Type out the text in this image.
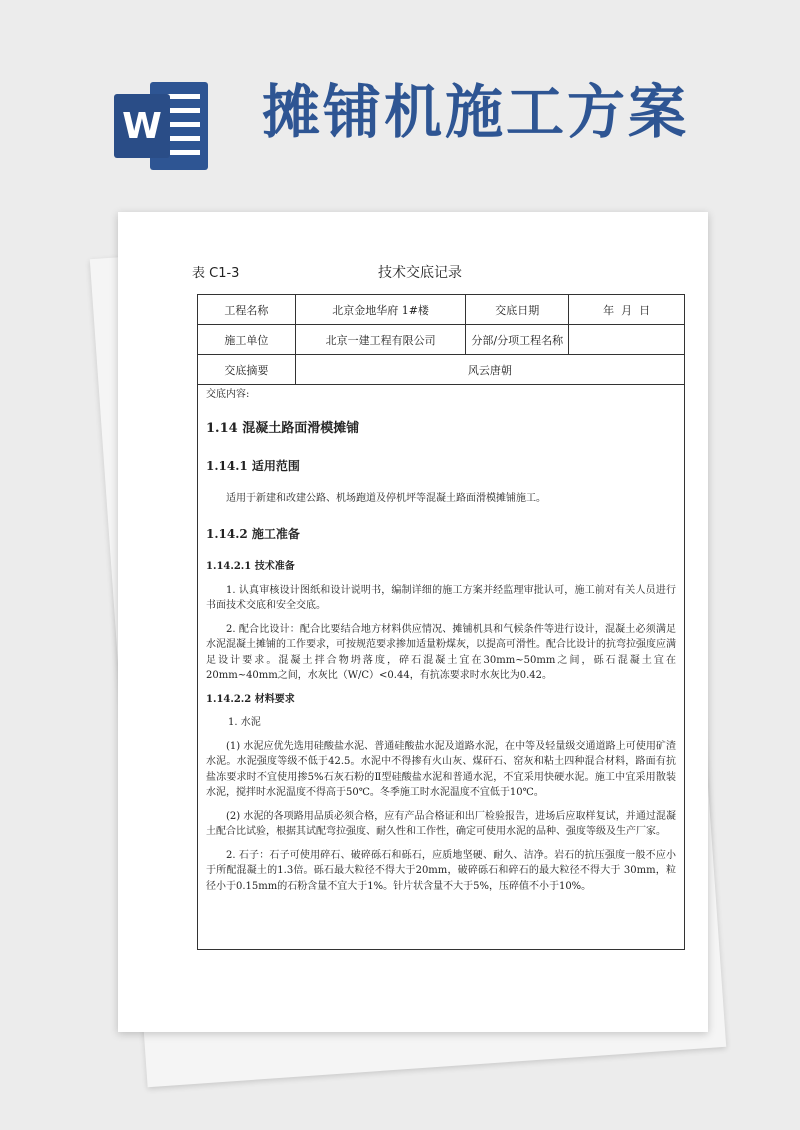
W 摊铺机施工方案
表 C1-3	技术交底记录
工程名称	北京金地华府 1#楼	交底日期	年  月  日
施工单位	北京一建工程有限公司	分部/分项工程名称	
交底摘要	风云唐朝		

交底内容:

1.14 混凝土路面滑模摊铺

1.14.1 适用范围

适用于新建和改建公路、机场跑道及停机坪等混凝土路面滑模摊铺施工。

1.14.2 施工准备

1.14.2.1 技术准备

1. 认真审核设计图纸和设计说明书，编制详细的施工方案并经监理审批认可，施工前对有关人员进行书面技术交底和安全交底。

2. 配合比设计：配合比要结合地方材料供应情况、摊铺机具和气候条件等进行设计，混凝土必须满足水泥混凝土摊铺的工作要求，可按规范要求掺加适量粉煤灰，以提高可滑性。配合比设计的抗弯拉强度应满足设计要求。混凝土拌合物坍落度，碎石混凝土宜在30mm~50mm之间，砾石混凝土宜在20mm~40mm之间，水灰比（W/C）<0.44，有抗冻要求时水灰比为0.42。

1.14.2.2 材料要求

1. 水泥

(1) 水泥应优先选用硅酸盐水泥、普通硅酸盐水泥及道路水泥，在中等及轻量级交通道路上可使用矿渣水泥。水泥强度等级不低于42.5。水泥中不得掺有火山灰、煤矸石、窑灰和粘土四种混合材料，路面有抗盐冻要求时不宜使用掺5%石灰石粉的Ⅱ型硅酸盐水泥和普通水泥，不宜采用快硬水泥。施工中宜采用散装水泥，搅拌时水泥温度不得高于50℃。冬季施工时水泥温度不宜低于10℃。

(2) 水泥的各项路用品质必须合格，应有产品合格证和出厂检验报告，进场后应取样复试，并通过混凝土配合比试验，根据其试配弯拉强度、耐久性和工作性，确定可使用水泥的品种、强度等级及生产厂家。

2. 石子：石子可使用碎石、破碎砾石和砾石，应质地坚硬、耐久、洁净。岩石的抗压强度一般不应小于所配混凝土的1.3倍。砾石最大粒径不得大于20mm，破碎砾石和碎石的最大粒径不得大于 30mm，粒径小于0.15mm的石粉含量不宜大于1%。针片状含量不大于5%，压碎值不小于10%。
